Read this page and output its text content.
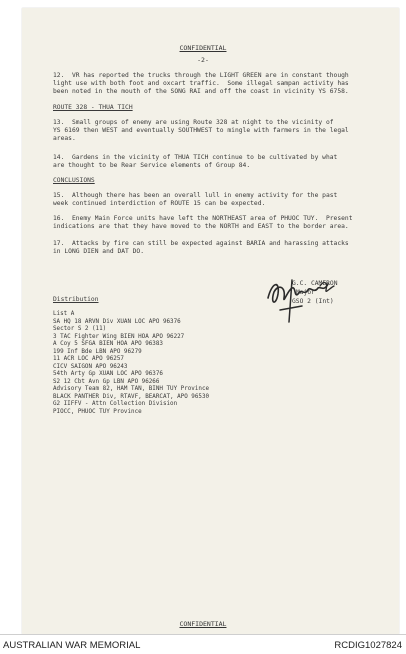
CONFIDENTIAL
-2-
12.  VR has reported the trucks through the LIGHT GREEN are in constant though
light use with both foot and oxcart traffic.  Some illegal sampan activity has
been noted in the mouth of the SONG RAI and off the coast in vicinity YS 6758.
ROUTE 328 - THUA TICH
13.  Small groups of enemy are using Route 328 at night to the vicinity of
YS 6169 then WEST and eventually SOUTHWEST to mingle with farmers in the legal
areas.
14.  Gardens in the vicinity of THUA TICH continue to be cultivated by what
are thought to be Rear Service elements of Group 84.
CONCLUSIONS
15.  Although there has been an overall lull in enemy activity for the past
week continued interdiction of ROUTE 15 can be expected.
16.  Enemy Main Force units have left the NORTHEAST area of PHUOC TUY.  Present
indications are that they have moved to the NORTH and EAST to the border area.
17.  Attacks by fire can still be expected against BARIA and harassing attacks
in LONG DIEN and DAT DO.
G.C. CAMERON
Major
GSO 2 (Int)
Distribution
List A
SA HQ 18 ARVN Div XUAN LOC APO 96376
Sector S 2 (11)
3 TAC Fighter Wing BIEN HOA APO 96227
A Coy 5 SFGA BIEN HOA APO 96383
199 Inf Bde LBN APO 96279
11 ACR LOC APO 96257
CICV SAIGON APO 96243
54th Arty Gp XUAN LOC APO 96376
S2 12 Cbt Avn Gp LBN APO 96266
Advisory Team 82, HAM TAN, BINH TUY Province
BLACK PANTHER Div, RTAVF, BEARCAT, APO 96530
G2 IIFFV - Attn Collection Division
PIOCC, PHUOC TUY Province
CONFIDENTIAL
AUSTRALIAN WAR MEMORIAL	RCDIG1027824
